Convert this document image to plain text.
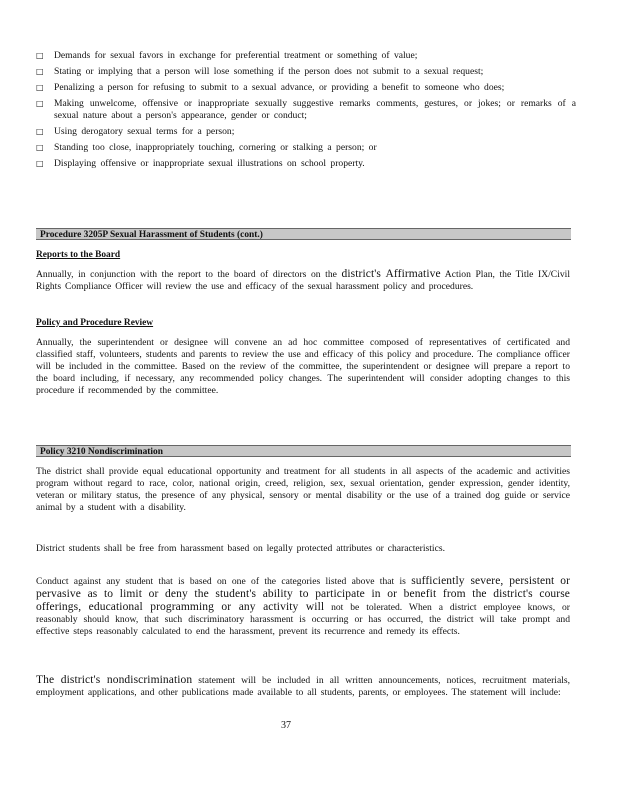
□	Demands for sexual favors in exchange for preferential treatment or something of value;
□	Stating or implying that a person will lose something if the person does not submit to a sexual request;
□	Penalizing a person for refusing to submit to a sexual advance, or providing a benefit to someone who does;
□	Making unwelcome, offensive or inappropriate sexually suggestive remarks comments, gestures, or jokes; or remarks of a sexual nature about a person's appearance, gender or conduct;
□	Using derogatory sexual terms for a person;
□	Standing too close, inappropriately touching, cornering or stalking a person; or
□	Displaying offensive or inappropriate sexual illustrations on school property.
Procedure 3205P Sexual Harassment of Students (cont.)
Reports to the Board
Annually, in conjunction with the report to the board of directors on the district's Affirmative Action Plan, the Title IX/Civil Rights Compliance Officer will review the use and efficacy of the sexual harassment policy and procedures.
Policy and Procedure Review
Annually, the superintendent or designee will convene an ad hoc committee composed of representatives of certificated and classified staff, volunteers, students and parents to review the use and efficacy of this policy and procedure. The compliance officer will be included in the committee. Based on the review of the committee, the superintendent or designee will prepare a report to the board including, if necessary, any recommended policy changes. The superintendent will consider adopting changes to this procedure if recommended by the committee.
Policy 3210 Nondiscrimination
The district shall provide equal educational opportunity and treatment for all students in all aspects of the academic and activities program without regard to race, color, national origin, creed, religion, sex, sexual orientation, gender expression, gender identity, veteran or military status, the presence of any physical, sensory or mental disability or the use of a trained dog guide or service animal by a student with a disability.
District students shall be free from harassment based on legally protected attributes or characteristics.
Conduct against any student that is based on one of the categories listed above that is sufficiently severe, persistent or pervasive as to limit or deny the student's ability to participate in or benefit from the district's course offerings, educational programming or any activity will not be tolerated. When a district employee knows, or reasonably should know, that such discriminatory harassment is occurring or has occurred, the district will take prompt and effective steps reasonably calculated to end the harassment, prevent its recurrence and remedy its effects.
The district's nondiscrimination statement will be included in all written announcements, notices, recruitment materials, employment applications, and other publications made available to all students, parents, or employees. The statement will include:
37
